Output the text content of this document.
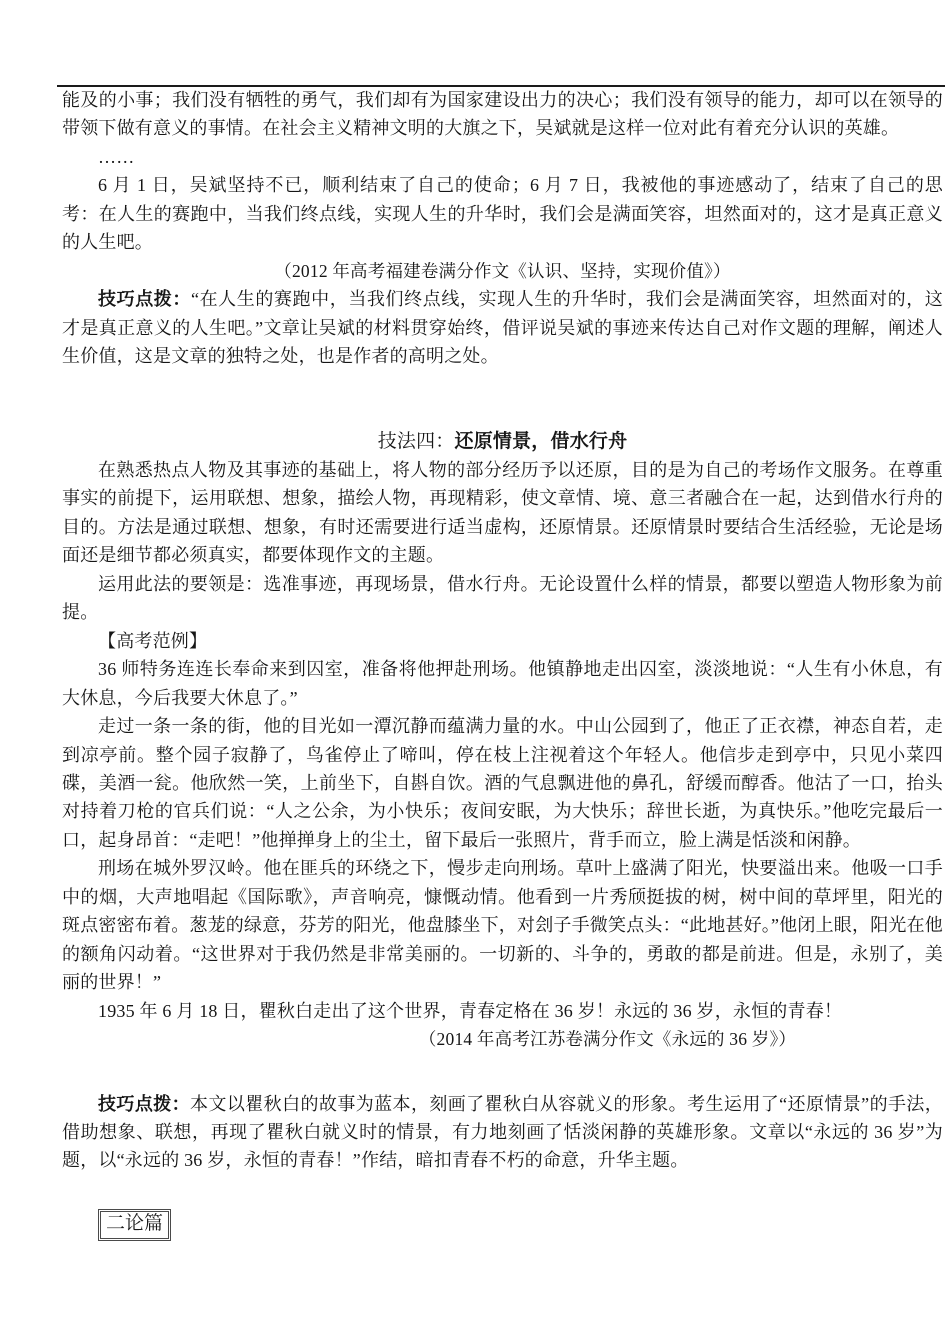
能及的小事；我们没有牺牲的勇气，我们却有为国家建设出力的决心；我们没有领导的能力，却可以在领导的带领下做有意义的事情。在社会主义精神文明的大旗之下，吴斌就是这样一位对此有着充分认识的英雄。

……

6 月 1 日，吴斌坚持不已，顺利结束了自己的使命；6 月 7 日，我被他的事迹感动了，结束了自己的思考：在人生的赛跑中，当我们终点线，实现人生的升华时，我们会是满面笑容，坦然面对的，这才是真正意义的人生吧。

（2012 年高考福建卷满分作文《认识、坚持，实现价值》）

技巧点拨：“在人生的赛跑中，当我们终点线，实现人生的升华时，我们会是满面笑容，坦然面对的，这才是真正意义的人生吧。”文章让吴斌的材料贯穿始终，借评说吴斌的事迹来传达自己对作文题的理解，阐述人生价值，这是文章的独特之处，也是作者的高明之处。

技法四：还原情景，借水行舟

在熟悉热点人物及其事迹的基础上，将人物的部分经历予以还原，目的是为自己的考场作文服务。在尊重事实的前提下，运用联想、想象，描绘人物，再现精彩，使文章情、境、意三者融合在一起，达到借水行舟的目的。方法是通过联想、想象，有时还需要进行适当虚构，还原情景。还原情景时要结合生活经验，无论是场面还是细节都必须真实，都要体现作文的主题。

运用此法的要领是：选准事迹，再现场景，借水行舟。无论设置什么样的情景，都要以塑造人物形象为前提。

【高考范例】

36 师特务连连长奉命来到囚室，准备将他押赴刑场。他镇静地走出囚室，淡淡地说：“人生有小休息，有大休息，今后我要大休息了。”

走过一条一条的街，他的目光如一潭沉静而蕴满力量的水。中山公园到了，他正了正衣襟，神态自若，走到凉亭前。整个园子寂静了，鸟雀停止了啼叫，停在枝上注视着这个年轻人。他信步走到亭中，只见小菜四碟，美酒一瓮。他欣然一笑，上前坐下，自斟自饮。酒的气息飘进他的鼻孔，舒缓而醇香。他沽了一口，抬头对持着刀枪的官兵们说：“人之公余，为小快乐；夜间安眠，为大快乐；辞世长逝，为真快乐。”他吃完最后一口，起身昂首：“走吧！”他掸掸身上的尘土，留下最后一张照片，背手而立，脸上满是恬淡和闲静。

刑场在城外罗汉岭。他在匪兵的环绕之下，慢步走向刑场。草叶上盛满了阳光，快要溢出来。他吸一口手中的烟，大声地唱起《国际歌》，声音响亮，慷慨动情。他看到一片秀颀挺拔的树，树中间的草坪里，阳光的斑点密密布着。葱茏的绿意，芬芳的阳光，他盘膝坐下，对刽子手微笑点头：“此地甚好。”他闭上眼，阳光在他的额角闪动着。“这世界对于我仍然是非常美丽的。一切新的、斗争的，勇敢的都是前进。但是，永别了，美丽的世界！”

1935 年 6 月 18 日，瞿秋白走出了这个世界，青春定格在 36 岁！永远的 36 岁，永恒的青春！

（2014 年高考江苏卷满分作文《永远的 36 岁》）

技巧点拨：本文以瞿秋白的故事为蓝本，刻画了瞿秋白从容就义的形象。考生运用了“还原情景”的手法，借助想象、联想，再现了瞿秋白就义时的情景，有力地刻画了恬淡闲静的英雄形象。文章以“永远的 36 岁”为题，以“永远的 36 岁，永恒的青春！”作结，暗扣青春不朽的命意，升华主题。

二论篇
